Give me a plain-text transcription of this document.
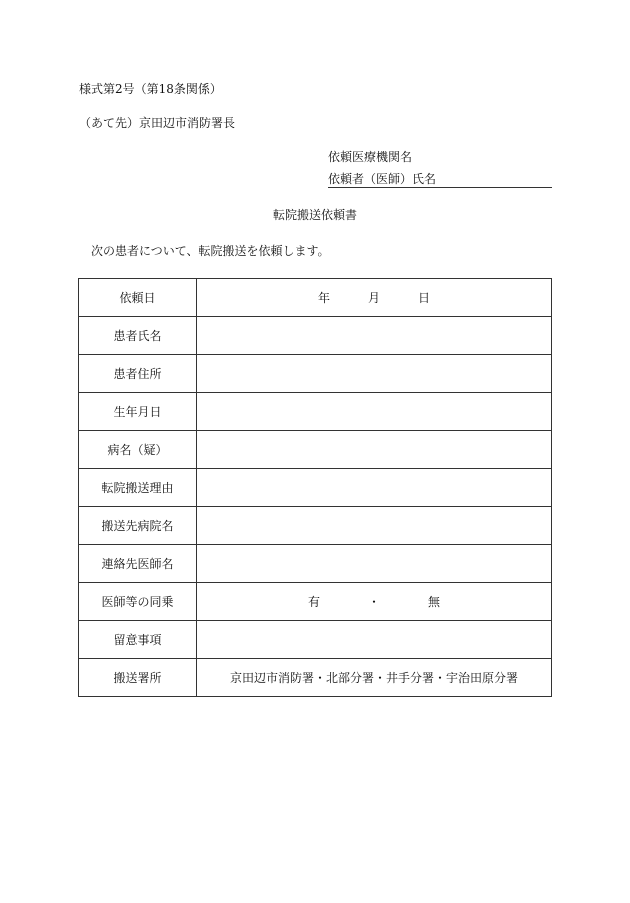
様式第2号（第18条関係）
（あて先）京田辺市消防署長
依頼医療機関名
依頼者（医師）氏名
転院搬送依頼書
次の患者について、転院搬送を依頼します。
依頼日	年 月 日
患者氏名	
患者住所	
生年月日	
病名（疑）	
転院搬送理由	
搬送先病院名	
連絡先医師名	
医師等の同乗	有 ・ 無
留意事項	
搬送署所	京田辺市消防署・北部分署・井手分署・宇治田原分署
